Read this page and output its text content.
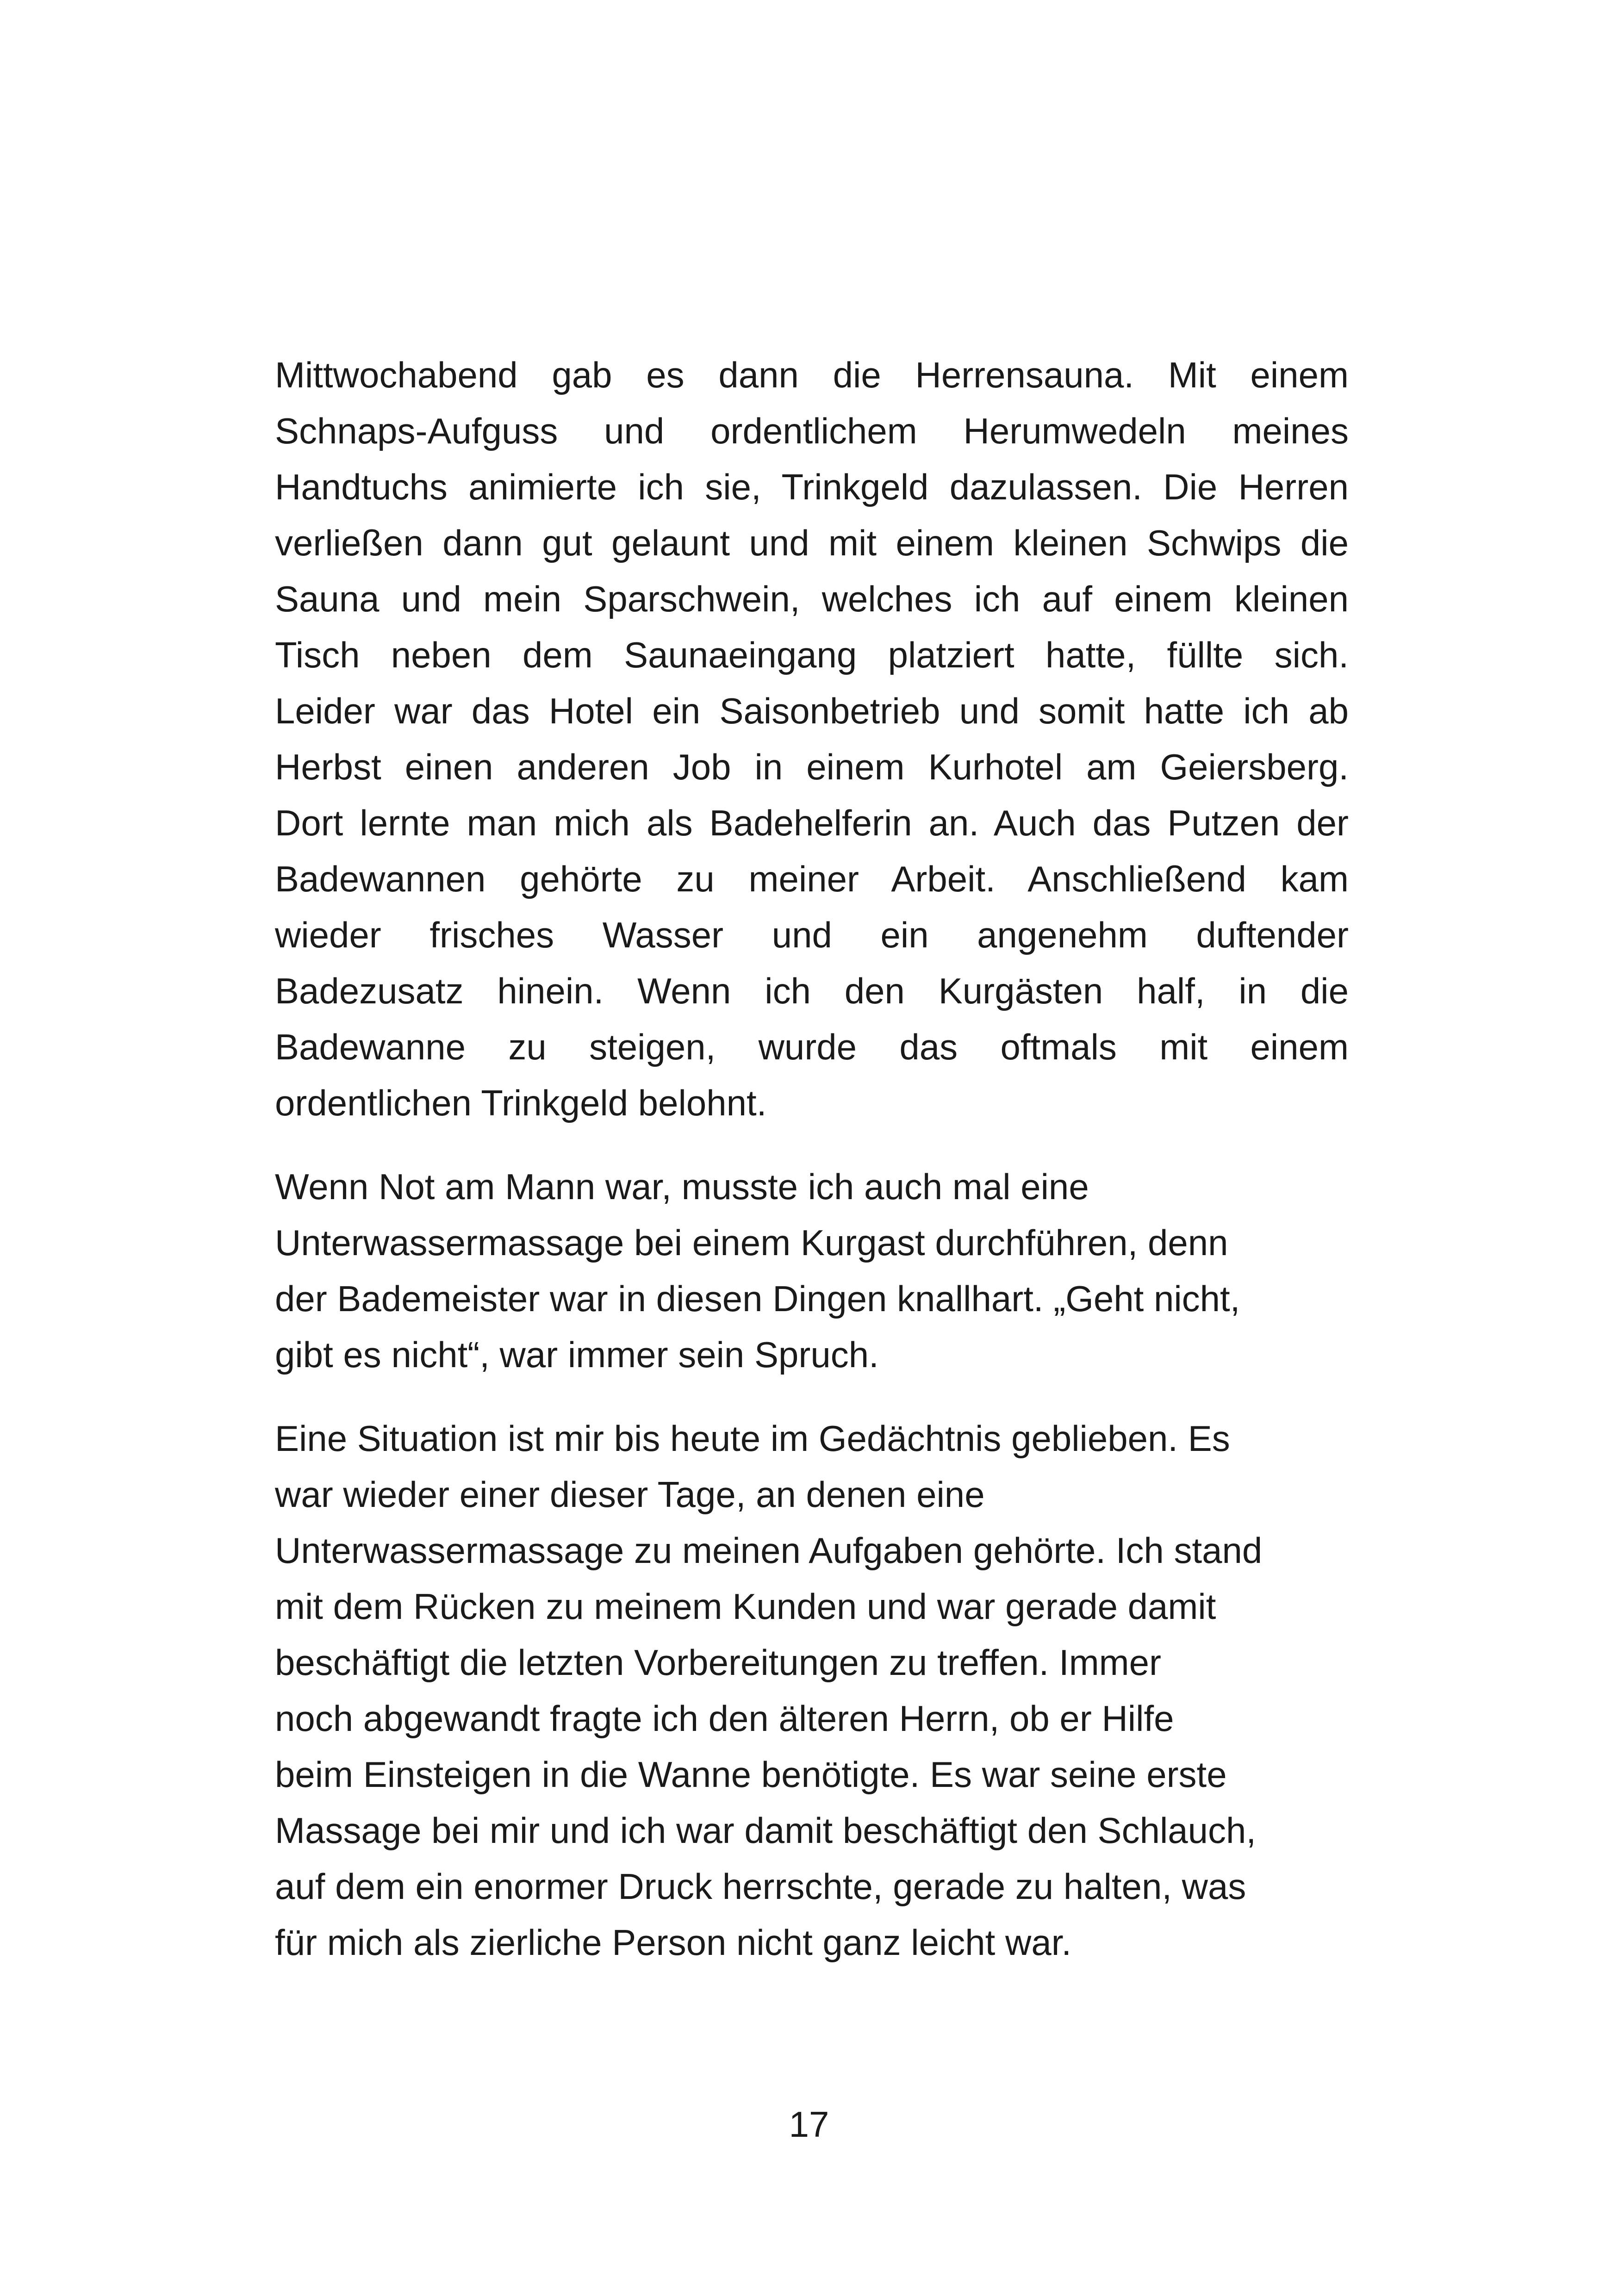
Mittwochabend gab es dann die Herrensauna. Mit einem
Schnaps-Aufguss und ordentlichem Herumwedeln meines
Handtuchs animierte ich sie, Trinkgeld dazulassen. Die Herren
verließen dann gut gelaunt und mit einem kleinen Schwips die
Sauna und mein Sparschwein, welches ich auf einem kleinen
Tisch neben dem Saunaeingang platziert hatte, füllte sich.
Leider war das Hotel ein Saisonbetrieb und somit hatte ich ab
Herbst einen anderen Job in einem Kurhotel am Geiersberg.
Dort lernte man mich als Badehelferin an. Auch das Putzen der
Badewannen gehörte zu meiner Arbeit. Anschließend kam
wieder frisches Wasser und ein angenehm duftender
Badezusatz hinein. Wenn ich den Kurgästen half, in die
Badewanne zu steigen, wurde das oftmals mit einem
ordentlichen Trinkgeld belohnt.

Wenn Not am Mann war, musste ich auch mal eine
Unterwassermassage bei einem Kurgast durchführen, denn
der Bademeister war in diesen Dingen knallhart. „Geht nicht,
gibt es nicht“, war immer sein Spruch.

Eine Situation ist mir bis heute im Gedächtnis geblieben. Es
war wieder einer dieser Tage, an denen eine
Unterwassermassage zu meinen Aufgaben gehörte. Ich stand
mit dem Rücken zu meinem Kunden und war gerade damit
beschäftigt die letzten Vorbereitungen zu treffen. Immer
noch abgewandt fragte ich den älteren Herrn, ob er Hilfe
beim Einsteigen in die Wanne benötigte. Es war seine erste
Massage bei mir und ich war damit beschäftigt den Schlauch,
auf dem ein enormer Druck herrschte, gerade zu halten, was
für mich als zierliche Person nicht ganz leicht war.

17
